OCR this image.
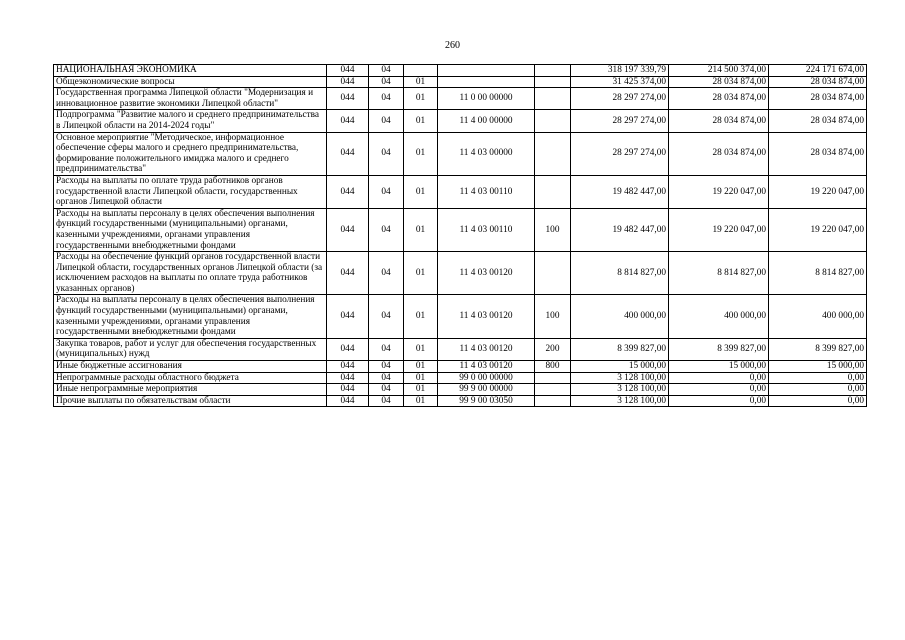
260
НАЦИОНАЛЬНАЯ ЭКОНОМИКА	044	04				318 197 339,79	214 500 374,00	224 171 674,00
Общеэкономические вопросы	044	04	01			31 425 374,00	28 034 874,00	28 034 874,00
Государственная программа Липецкой области "Модернизация и инновационное развитие экономики Липецкой области"	044	04	01	11 0 00 00000		28 297 274,00	28 034 874,00	28 034 874,00
Подпрограмма "Развитие малого и среднего предпринимательства в Липецкой области на 2014-2024 годы"	044	04	01	11 4 00 00000		28 297 274,00	28 034 874,00	28 034 874,00
Основное мероприятие "Методическое, информационное обеспечение сферы малого и среднего предпринимательства, формирование положительного имиджа малого и среднего предпринимательства"	044	04	01	11 4 03 00000		28 297 274,00	28 034 874,00	28 034 874,00
Расходы на выплаты по оплате труда работников органов государственной власти Липецкой области, государственных органов Липецкой области	044	04	01	11 4 03 00110		19 482 447,00	19 220 047,00	19 220 047,00
Расходы на выплаты персоналу в целях обеспечения выполнения функций государственными (муниципальными) органами, казенными учреждениями, органами управления государственными внебюджетными фондами	044	04	01	11 4 03 00110	100	19 482 447,00	19 220 047,00	19 220 047,00
Расходы на обеспечение функций органов государственной власти Липецкой области, государственных органов Липецкой области (за исключением расходов на выплаты по оплате труда работников указанных органов)	044	04	01	11 4 03 00120		8 814 827,00	8 814 827,00	8 814 827,00
Расходы на выплаты персоналу в целях обеспечения выполнения функций государственными (муниципальными) органами, казенными учреждениями, органами управления государственными внебюджетными фондами	044	04	01	11 4 03 00120	100	400 000,00	400 000,00	400 000,00
Закупка товаров, работ и услуг для обеспечения государственных (муниципальных) нужд	044	04	01	11 4 03 00120	200	8 399 827,00	8 399 827,00	8 399 827,00
Иные бюджетные ассигнования	044	04	01	11 4 03 00120	800	15 000,00	15 000,00	15 000,00
Непрограммные расходы областного бюджета	044	04	01	99 0 00 00000		3 128 100,00	0,00	0,00
Иные непрограммные мероприятия	044	04	01	99 9 00 00000		3 128 100,00	0,00	0,00
Прочие выплаты по обязательствам области	044	04	01	99 9 00 03050		3 128 100,00	0,00	0,00
